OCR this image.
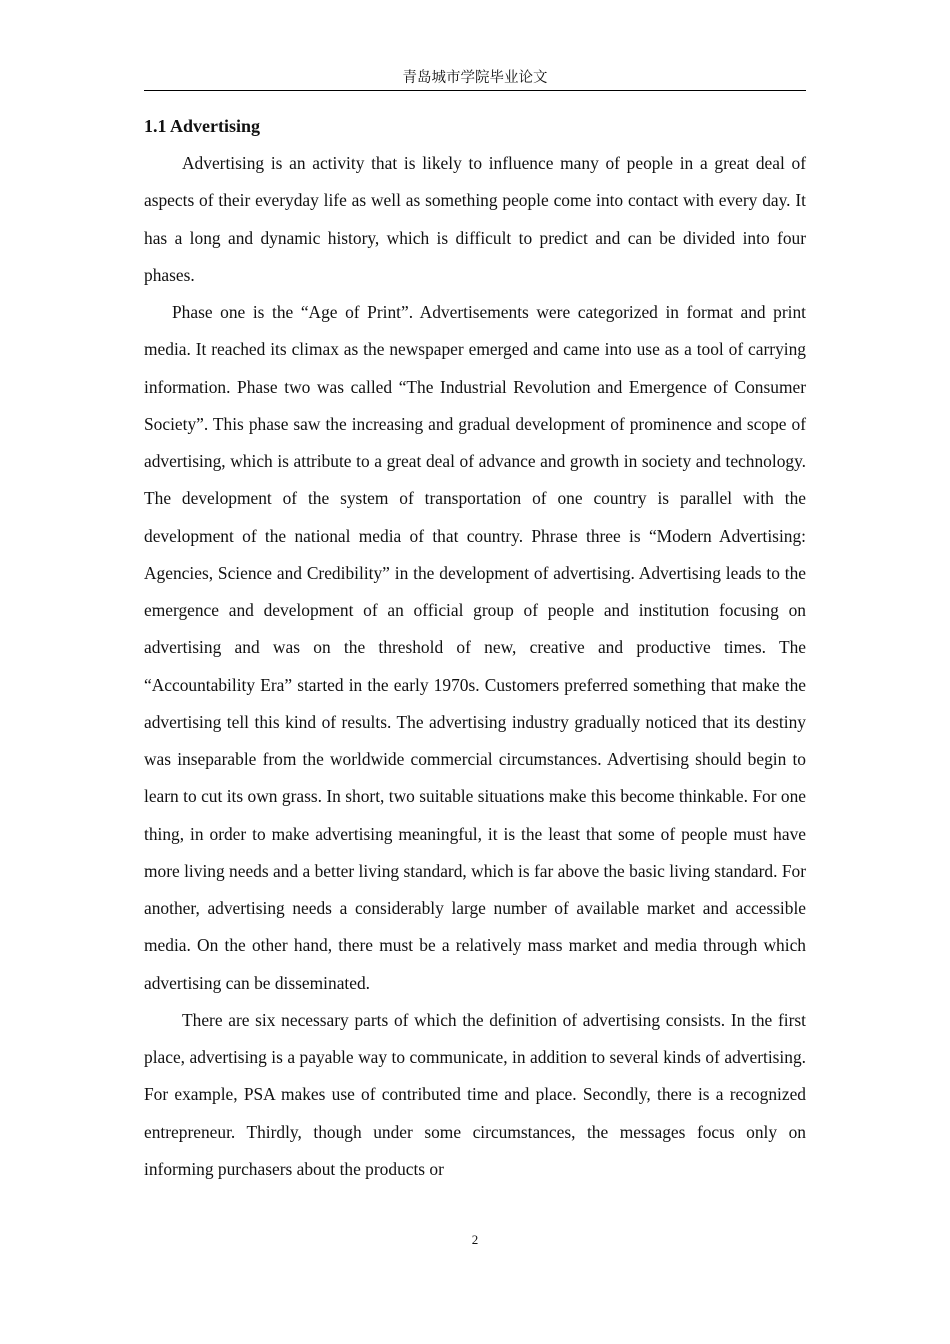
青岛城市学院毕业论文
1.1 Advertising

Advertising is an activity that is likely to influence many of people in a great deal of aspects of their everyday life as well as something people come into contact with every day. It has a long and dynamic history, which is difficult to predict and can be divided into four phases.

Phase one is the “Age of Print”. Advertisements were categorized in format and print media. It reached its climax as the newspaper emerged and came into use as a tool of carrying information. Phase two was called “The Industrial Revolution and Emergence of Consumer Society”. This phase saw the increasing and gradual development of prominence and scope of advertising, which is attribute to a great deal of advance and growth in society and technology. The development of the system of transportation of one country is parallel with the development of the national media of that country. Phrase three is “Modern Advertising: Agencies, Science and Credibility” in the development of advertising. Advertising leads to the emergence and development of an official group of people and institution focusing on advertising and was on the threshold of new, creative and productive times. The “Accountability Era” started in the early 1970s. Customers preferred something that make the advertising tell this kind of results. The advertising industry gradually noticed that its destiny was inseparable from the worldwide commercial circumstances. Advertising should begin to learn to cut its own grass. In short, two suitable situations make this become thinkable. For one thing, in order to make advertising meaningful, it is the least that some of people must have more living needs and a better living standard, which is far above the basic living standard. For another, advertising needs a considerably large number of available market and accessible media. On the other hand, there must be a relatively mass market and media through which advertising can be disseminated.

There are six necessary parts of which the definition of advertising consists. In the first place, advertising is a payable way to communicate, in addition to several kinds of advertising. For example, PSA makes use of contributed time and place. Secondly, there is a recognized entrepreneur. Thirdly, though under some circumstances, the messages focus only on informing purchasers about the products or

2
